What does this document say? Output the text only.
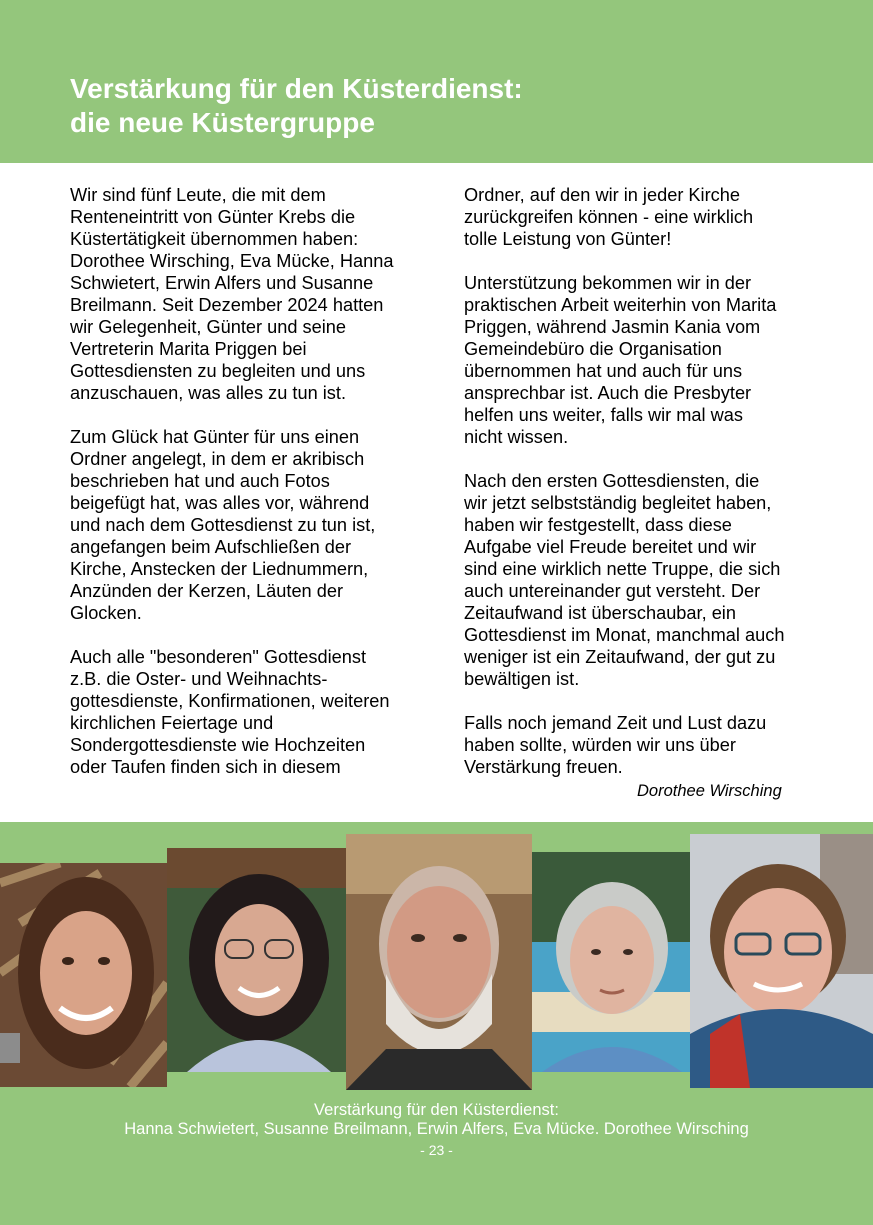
Verstärkung für den Küsterdienst:
die neue Küstergruppe

Wir sind fünf Leute, die mit dem
Renteneintritt von Günter Krebs die
Küstertätigkeit übernommen haben:
Dorothee Wirsching, Eva Mücke, Hanna
Schwietert, Erwin Alfers und Susanne
Breilmann. Seit Dezember 2024 hatten
wir Gelegenheit, Günter und seine
Vertreterin Marita Priggen bei
Gottesdiensten zu begleiten und uns
anzuschauen, was alles zu tun ist.

Zum Glück hat Günter für uns einen
Ordner angelegt, in dem er akribisch
beschrieben hat und auch Fotos
beigefügt hat, was alles vor, während
und nach dem Gottesdienst zu tun ist,
angefangen beim Aufschließen der
Kirche, Anstecken der Liednummern,
Anzünden der Kerzen, Läuten der
Glocken.

Auch alle "besonderen" Gottesdienst
z.B. die Oster- und Weihnachts-
gottesdienste, Konfirmationen, weiteren
kirchlichen Feiertage und
Sondergottesdienste wie Hochzeiten
oder Taufen finden sich in diesem

Ordner, auf den wir in jeder Kirche
zurückgreifen können - eine wirklich
tolle Leistung von Günter!

Unterstützung bekommen wir in der
praktischen Arbeit weiterhin von Marita
Priggen, während Jasmin Kania vom
Gemeindebüro die Organisation
übernommen hat und auch für uns
ansprechbar ist. Auch die Presbyter
helfen uns weiter, falls wir mal was
nicht wissen.

Nach den ersten Gottesdiensten, die
wir jetzt selbstständig begleitet haben,
haben wir festgestellt, dass diese
Aufgabe viel Freude bereitet und wir
sind eine wirklich nette Truppe, die sich
auch untereinander gut versteht. Der
Zeitaufwand ist überschaubar, ein
Gottesdienst im Monat, manchmal auch
weniger ist ein Zeitaufwand, der gut zu
bewältigen ist.

Falls noch jemand Zeit und Lust dazu
haben sollte, würden wir uns über
Verstärkung freuen.

Dorothee Wirsching
Verstärkung für den Küsterdienst:
Hanna Schwietert, Susanne Breilmann, Erwin Alfers, Eva Mücke. Dorothee Wirsching
- 23 -
